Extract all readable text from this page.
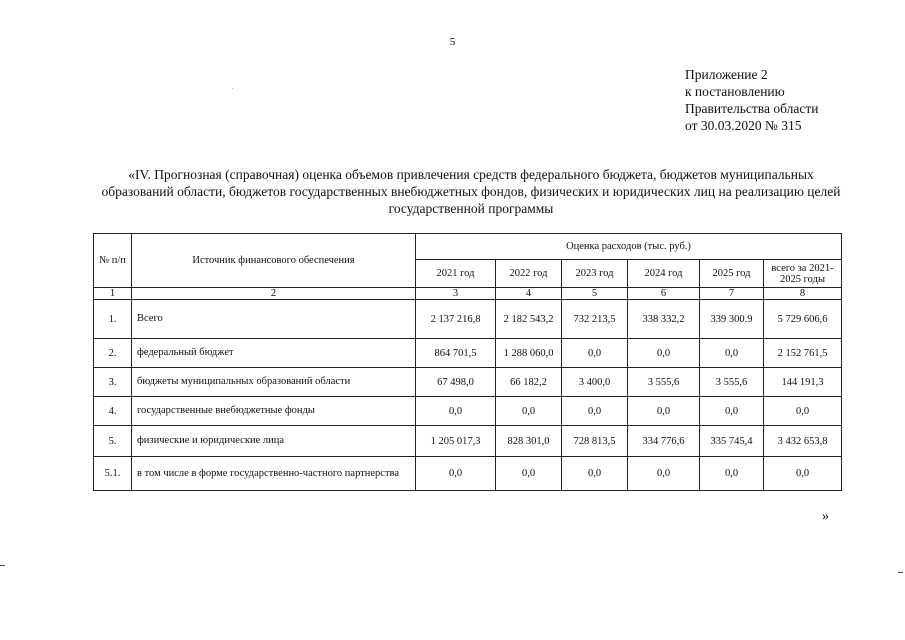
5
Приложение 2
к постановлению
Правительства области
от 30.03.2020 № 315
«IV. Прогнозная (справочная) оценка объемов привлечения средств федерального бюджета, бюджетов муниципальных образований области, бюджетов государственных внебюджетных фондов, физических и юридических лиц на реализацию целей государственной программы
№ п/п	Источник финансового обеспечения	Оценка расходов (тыс. руб.)					
		2021 год	2022 год	2023 год	2024 год	2025 год	всего за 2021-2025 годы
1	2	3	4	5	6	7	8
1.	Всего	2 137 216,8	2 182 543,2	732 213,5	338 332,2	339 300.9	5 729 606,6
2.	федеральный бюджет	864 701,5	1 288 060,0	0,0	0,0	0,0	2 152 761,5
3.	бюджеты муниципальных образований области	67 498,0	66 182,2	3 400,0	3 555,6	3 555,6	144 191,3
4.	государственные внебюджетные фонды	0,0	0,0	0,0	0,0	0,0	0,0
5.	физические и юридические лица	1 205 017,3	828 301,0	728 813,5	334 776,6	335 745,4	3 432 653,8
5.1.	в том числе в форме государственно-частного партнерства	0,0	0,0	0,0	0,0	0,0	0,0
»
